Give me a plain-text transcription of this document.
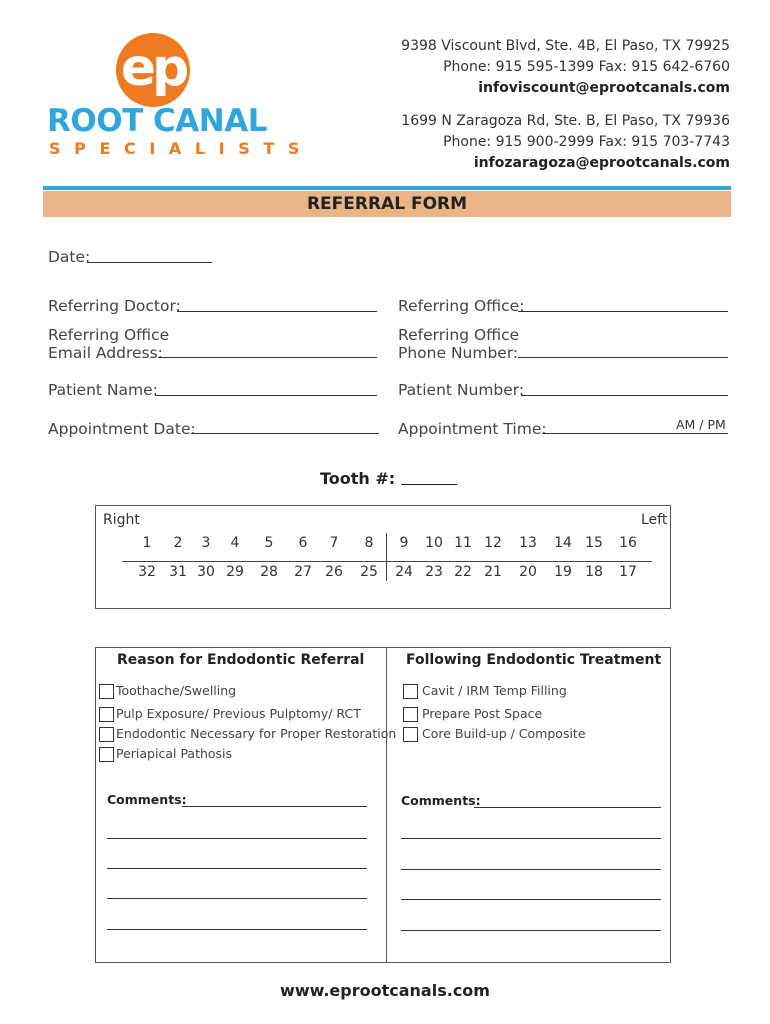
ep
ROOT CANAL
SPECIALISTS
9398 Viscount Blvd, Ste. 4B, El Paso, TX 79925
Phone: 915 595-1399 Fax: 915 642-6760
infoviscount@eprootcanals.com
1699 N Zaragoza Rd, Ste. B, El Paso, TX 79936
Phone: 915 900-2999 Fax: 915 703-7743
infozaragoza@eprootcanals.com
REFERRAL FORM
Date:
Referring Doctor:	Referring Office:
Referring Office
Email Address:
Referring Office
Phone Number:
Patient Name:	Patient Number:
Appointment Date:	Appointment Time:	AM / PM
Tooth #:
Right	Left
1	2	3	4	5	6	7	8	9	10 11 12	13	14 15	16
32 31 30 29	28	27 26	25	24 23 22 21	20	19 18	17
Reason for Endodontic Referral	Following Endodontic Treatment
Toothache/Swelling
Pulp Exposure/ Previous Pulptomy/ RCT
Endodontic Necessary for Proper Restoration
Periapical Pathosis
Cavit / IRM Temp Filling
Prepare Post Space
Core Build-up / Composite
Comments:	Comments:
www.eprootcanals.com
